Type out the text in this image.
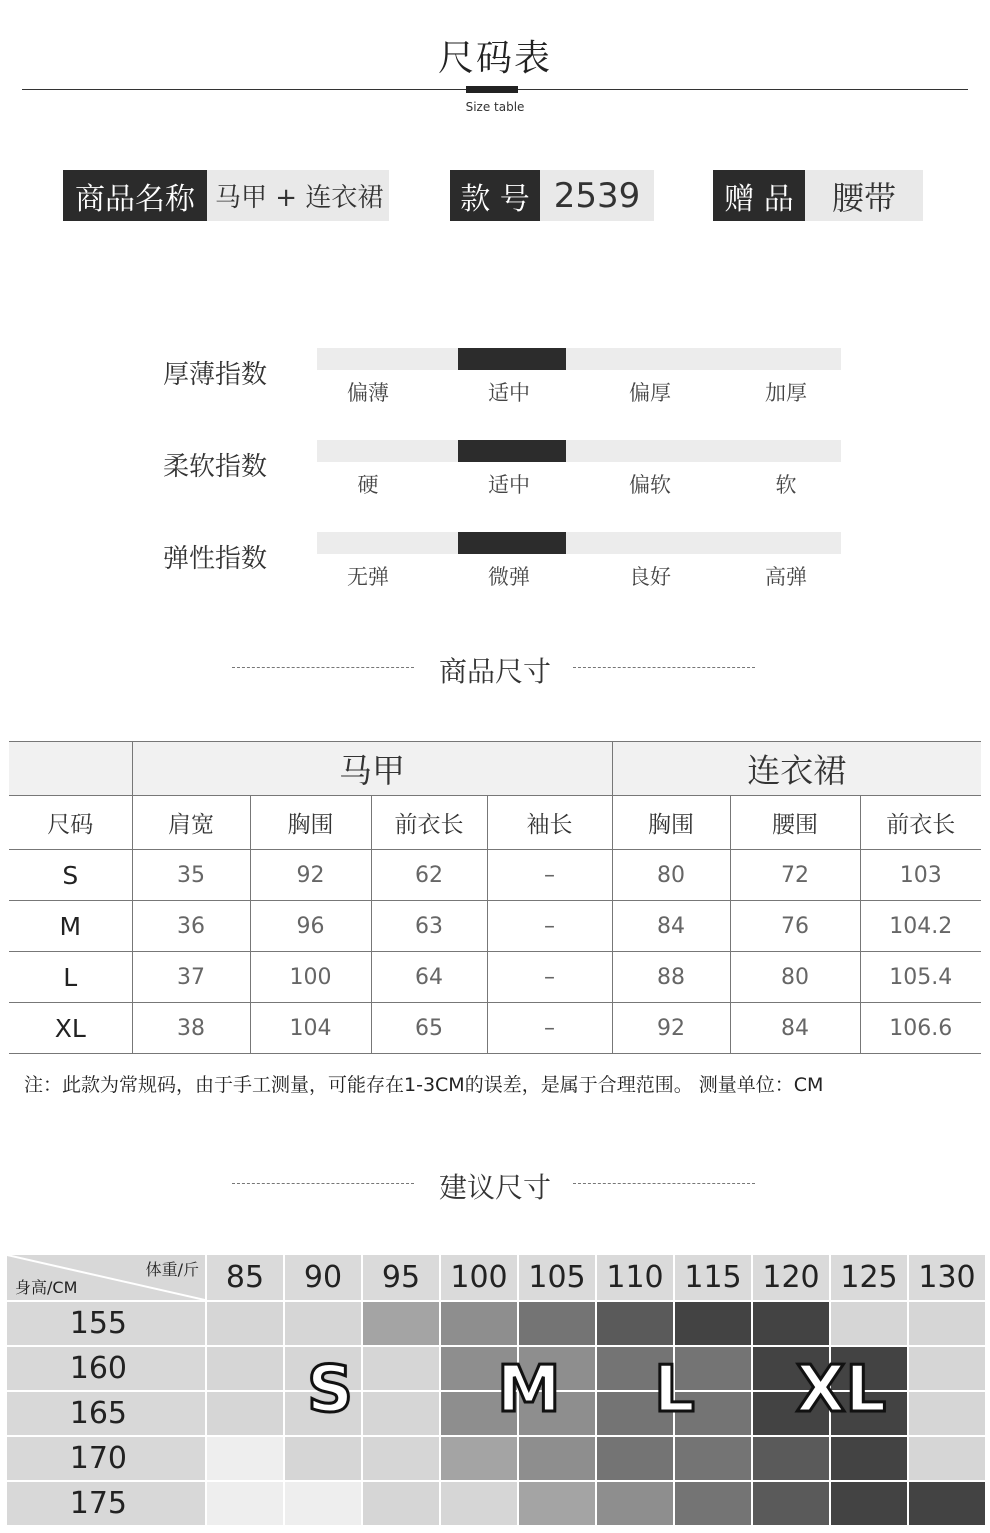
尺码表
Size table
商品名称 马甲 + 连衣裙	款 号 2539	赠 品	腰带
厚薄指数
偏薄	适中	偏厚	加厚
柔软指数
硬	适中	偏软	软
弹性指数
无弹	微弹	良好	高弹
商品尺寸
	马甲				连衣裙		
尺码	肩宽	胸围	前衣长	袖长	胸围	腰围	前衣长
S	35	92	62	–	80	72	103
M	36	96	63	–	84	76	104.2
L	37	100	64	–	88	80	105.4
XL	38	104	65	–	92	84	106.6
注：此款为常规码，由于手工测量，可能存在1-3CM的误差，是属于合理范围。 测量单位：CM
建议尺寸
体重/斤
身高/CM	85	90	95	100 105 110 115 120 125 130
155
160
165
170
175
S M L XL
